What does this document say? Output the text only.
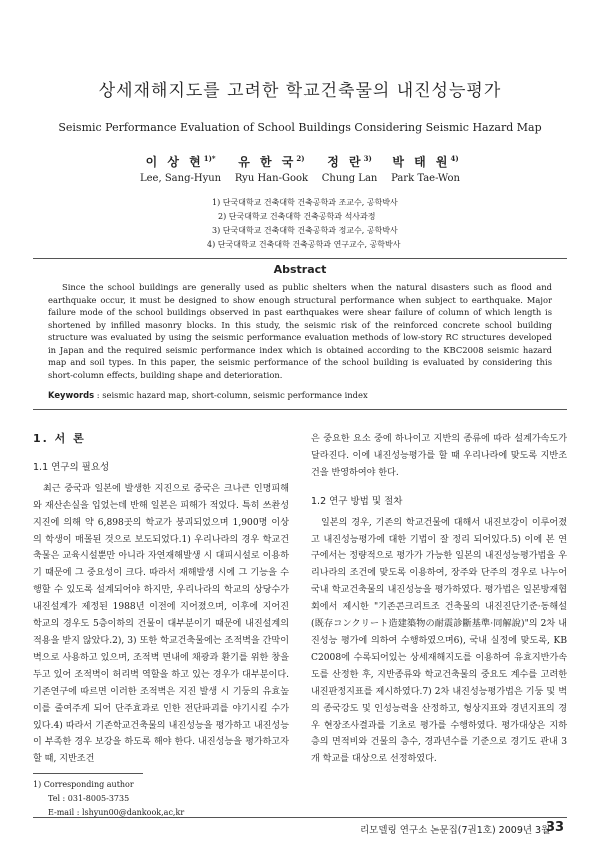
상세재해지도를 고려한 학교건축물의 내진성능평가
Seismic Performance Evaluation of School Buildings Considering Seismic Hazard Map
이 상 현$^{1)*}$
Lee, Sang-Hyun
유 한 국$^{2)}$
Ryu Han-Gook
정 란$^{3)}$
Chung Lan
박 태 원$^{4)}$
Park Tae-Won
1) 단국대학교 건축대학 건축공학과 조교수, 공학박사
2) 단국대학교 건축대학 건축공학과 석사과정
3) 단국대학교 건축대학 건축공학과 정교수, 공학박사
4) 단국대학교 건축대학 건축공학과 연구교수, 공학박사
Abstract
Since the school buildings are generally used as public shelters when the natural disasters such as flood and earthquake occur, it must be designed to show enough structural performance when subject to earthquake. Major failure mode of the school buildings observed in past earthquakes were shear failure of column of which length is shortened by infilled masonry blocks. In this study, the seismic risk of the reinforced concrete school building structure was evaluated by using the seismic performance evaluation methods of low-story RC structures developed in Japan and the required seismic performance index which is obtained according to the KBC2008 seismic hazard map and soil types. In this paper, the seismic performance of the school building is evaluated by considering this short-column effects, building shape and deterioration.
Keywords : seismic hazard map, short-column, seismic performance index
1. 서 론
1.1 연구의 필요성

최근 중국과 일본에 발생한 지진으로 중국은 크나큰 인명피해와 재산손실을 입었는데 반해 일본은 피해가 적었다. 특히 쓰촨성 지진에 의해 약 6,898곳의 학교가 붕괴되었으며 1,900명 이상의 학생이 매몰된 것으로 보도되었다.1) 우리나라의 경우 학교건축물은 교육시설뿐만 아니라 자연재해발생 시 대피시설로 이용하기 때문에 그 중요성이 크다. 따라서 재해발생 시에 그 기능을 수행할 수 있도록 설계되어야 하지만, 우리나라의 학교의 상당수가 내진설계가 제정된 1988년 이전에 지어졌으며, 이후에 지어진 학교의 경우도 5층이하의 건물이 대부분이기 때문에 내진설계의 적용을 받지 않았다.2), 3) 또한 학교건축물에는 조적벽을 간막이벽으로 사용하고 있으며, 조적벽 면내에 채광과 환기를 위한 창을 두고 있어 조적벽이 허리벽 역할을 하고 있는 경우가 대부분이다. 기존연구에 따르면 이러한 조적벽은 지진 발생 시 기둥의 유효높이를 줄여주게 되어 단주효과로 인한 전단파괴를 야기시킬 수가 있다.4) 따라서 기존학교건축물의 내진성능을 평가하고 내진성능이 부족한 경우 보강을 하도록 해야 한다. 내진성능을 평가하고자 할 때, 지반조건

은 중요한 요소 중에 하나이고 지반의 종류에 따라 설계가속도가 달라진다. 이에 내진성능평가를 할 때 우리나라에 맞도록 지반조건을 반영하여야 한다.

1.2 연구 방법 및 절차

일본의 경우, 기존의 학교건물에 대해서 내진보강이 이루어졌고 내진성능평가에 대한 기법이 잘 정리 되어있다.5) 이에 본 연구에서는 정량적으로 평가가 가능한 일본의 내진성능평가법을 우리나라의 조건에 맞도록 이용하여, 장주와 단주의 경우로 나누어 국내 학교건축물의 내진성능을 평가하였다. 평가법은 일본방재협회에서 제시한 "기존콘크리트조 건축물의 내진진단기준·동해설(既存コンクリート造建築物の耐震診斷基準·同解說)"의 2차 내진성능 평가에 의하여 수행하였으며6), 국내 실정에 맞도록, KBC2008에 수록되어있는 상세재해지도를 이용하여 유효지반가속도를 산정한 후, 지반종류와 학교건축물의 중요도 계수를 고려한 내진판정지표를 제시하였다.7) 2차 내진성능평가법은 기둥 및 벽의 종국강도 및 인성능력을 산정하고, 형상지표와 경년지표의 경우 현장조사결과를 기초로 평가를 수행하였다. 평가대상은 지하층의 면적비와 건물의 층수, 경과년수를 기준으로 경기도 관내 3개 학교를 대상으로 선정하였다.

1) Corresponding author
Tel : 031-8005-3735
E-mail : lshyun00@dankook,ac,kr
리모델링 연구소 논문집(7권1호) 2009년 3월
33
